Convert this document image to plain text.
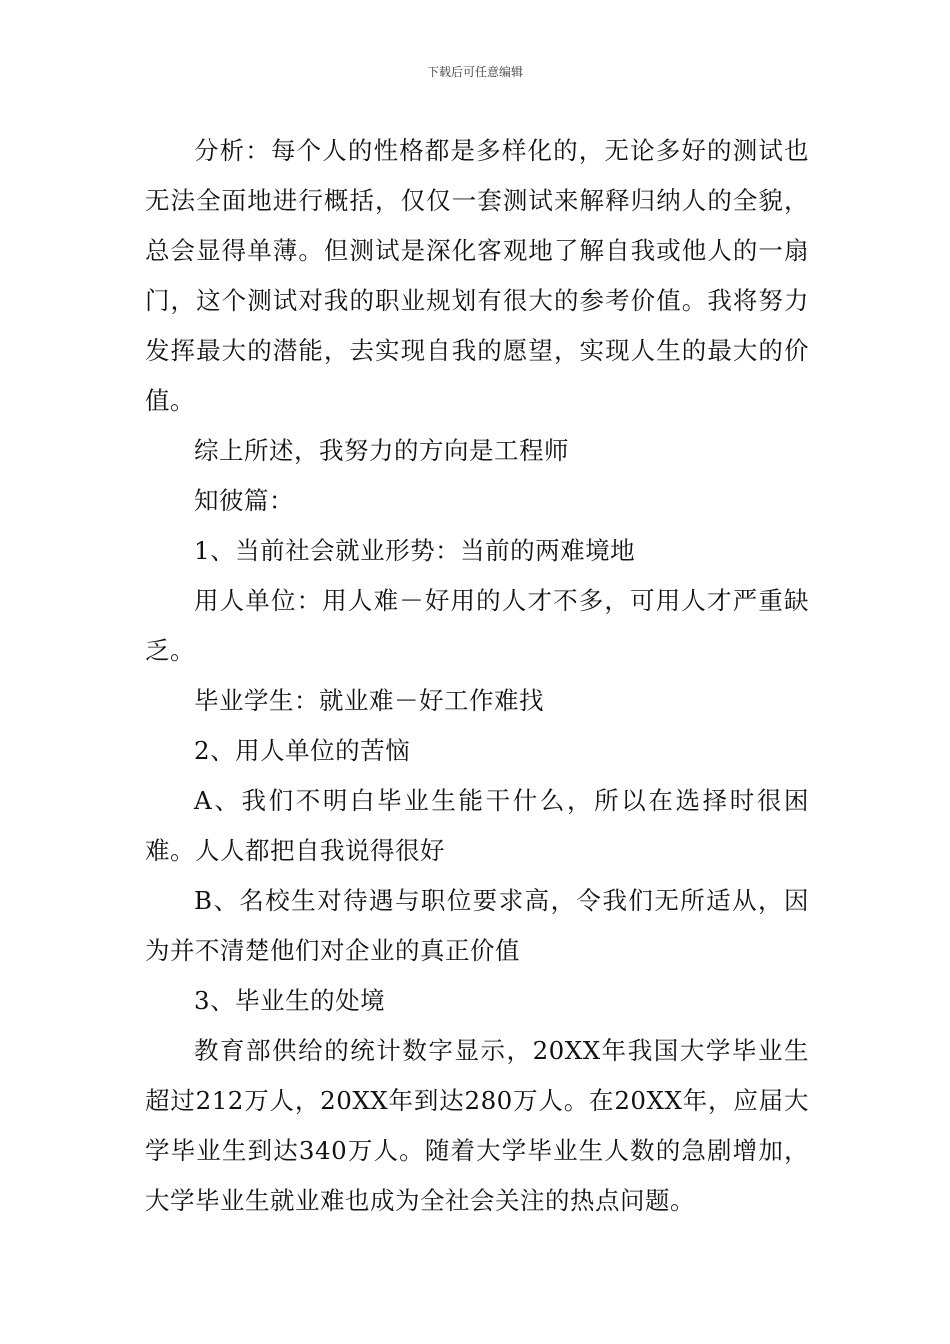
下载后可任意编辑

分析：每个人的性格都是多样化的，无论多好的测试也无法全面地进行概括，仅仅一套测试来解释归纳人的全貌，总会显得单薄。但测试是深化客观地了解自我或他人的一扇门，这个测试对我的职业规划有很大的参考价值。我将努力发挥最大的潜能，去实现自我的愿望，实现人生的最大的价值。

综上所述，我努力的方向是工程师

知彼篇：

1、当前社会就业形势：当前的两难境地

用人单位：用人难－好用的人才不多，可用人才严重缺乏。

毕业学生：就业难－好工作难找

2、用人单位的苦恼

A、我们不明白毕业生能干什么，所以在选择时很困难。人人都把自我说得很好

B、名校生对待遇与职位要求高，令我们无所适从，因为并不清楚他们对企业的真正价值

3、毕业生的处境

教育部供给的统计数字显示，20XX年我国大学毕业生超过212万人，20XX年到达280万人。在20XX年，应届大学毕业生到达340万人。随着大学毕业生人数的急剧增加，大学毕业生就业难也成为全社会关注的热点问题。
